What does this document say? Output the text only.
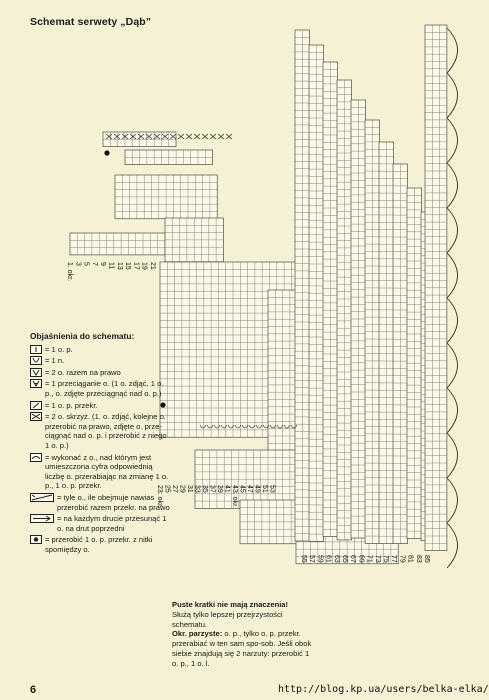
Schemat serwety „Dąb”
1. okr. 3 5 7 9 11 13 15 17 19 21
23. okr. 25 27 29 31 33 35 37 39 41 43. okr. 45 47 49 51 53
55 57 59 61 63 65 67 69 71 73 75 77 79 81 83 85
Objaśnienia do schematu:
= 1 o. p.
= 1 n.
= 2 o. razem na prawo
= 1 przeciąganie o. (1 o. zdjąć, 1 o. p., o. zdjęte przeciągnąć nad o. p.)
= 1 o. p. przekr.
= 2 o. skrzyż. (1. o. zdjąć, kolejne o. przerobić na prawo, zdjęte o. prze-ciągnąć nad o. p. i przerobić z niego 1 o. p.)
= wykonać z o., nad którym jest umieszczona cyfra odpowiednią liczbę o. przerabiając na zmianę 1 o. p., 1 o. p. przekr.
= tyle o., ile obejmuje nawias przerobić razem przekr. na prawo
= na każdym drucie przesunąć 1 o. na drut poprzedni
= przerobić 1 o. p. przekr. z nitki spomiędzy o.
Puste kratki nie mają znaczenia!
Służą tylko lepszej przejrzystości schematu.
Okr. parzyste: o. p., tylko o. p. przekr. przerabiać w ten sam spo-sob. Jeśli obok siebie znajdują się 2 narzuty: przerobić 1 o. p., 1 o. l.
6	http://blog.kp.ua/users/belka-elka/
